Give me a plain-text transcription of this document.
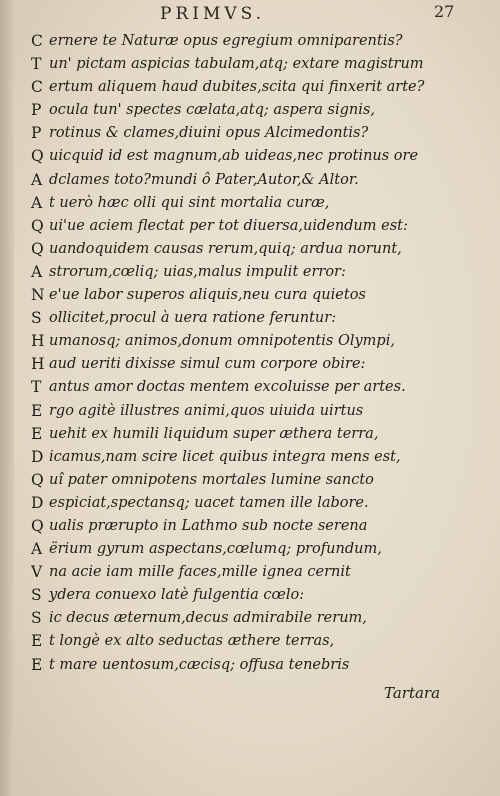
PRIMVS.	27
C ernere te Naturæ opus egregium omniparentis?
T un' pictam aspicias tabulam,atq; extare magistrum
C ertum aliquem haud dubites,scita qui finxerit arte?
P ocula tun' spectes cælata,atq; aspera signis,
P rotinus & clames,diuini opus Alcimedontis?
Q uicquid id est magnum,ab uideas,nec protinus ore
A dclames toto?mundi ô Pater,Autor,& Altor.
A t uerò hæc olli qui sint mortalia curæ,
Q ui'ue aciem flectat per tot diuersa,uidendum est:
Q uandoquidem causas rerum,quiq; ardua norunt,
A strorum,cœliq; uias,malus impulit error:
N e'ue labor superos aliquis,neu cura quietos
S ollicitet,procul à uera ratione feruntur:
H umanosq; animos,donum omnipotentis Olympi,
H aud ueriti dixisse simul cum corpore obire:
T antus amor doctas mentem excoluisse per artes.
E rgo agitè illustres animi,quos uiuida uirtus
E uehit ex humili liquidum super æthera terra,
D icamus,nam scire licet quibus integra mens est,
Q uî pater omnipotens mortales lumine sancto
D espiciat,spectansq; uacet tamen ille labore.
Q ualis prærupto in Lathmo sub nocte serena
A ërium gyrum aspectans,cœlumq; profundum,
V na acie iam mille faces,mille ignea cernit
S ydera conuexo latè fulgentia cœlo:
S ic decus æternum,decus admirabile rerum,
E t longè ex alto seductas æthere terras,
E t mare uentosum,cæcisq; offusa tenebris
Tartara
